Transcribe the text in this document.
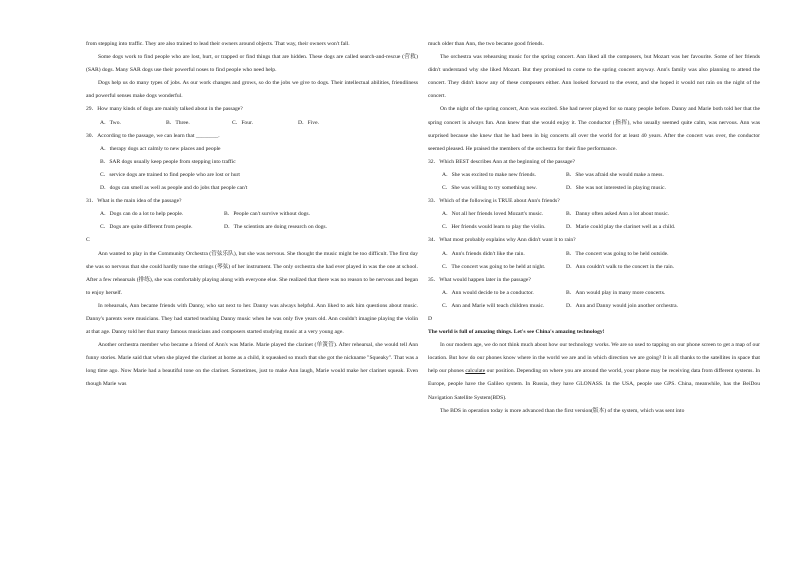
from stepping into traffic. They are also trained to lead their owners around objects. That way, their owners won't fall.

Some dogs work to find people who are lost, hurt, or trapped or find things that are hidden. These dogs are called search-and-rescue (营救) (SAR) dogs. Many SAR dogs use their powerful noses to find people who need help.

Dogs help us do many types of jobs. As our work changes and grows, so do the jobs we give to dogs. Their intellectual abilities, friendliness and powerful senses make dogs wonderful.

29．How many kinds of dogs are mainly talked about in the passage?

A．Two.	B．Three.	C．Four.	D．Five.

30．According to the passage, we can learn that ________.

A．therapy dogs act calmly to new places and people
B．SAR dogs usually keep people from stepping into traffic
C．service dogs are trained to find people who are lost or hurt
D．dogs can smell as well as people and do jobs that people can't

31．What is the main idea of the passage?

A．Dogs can do a lot to help people.	B．People can't survive without dogs.
C．Dogs are quite different from people.	D．The scientists are doing research on dogs.

C

Ann wanted to play in the Community Orchestra (管弦乐队), but she was nervous. She thought the music might be too difficult. The first day she was so nervous that she could hardly tune the strings (琴弦) of her instrument. The only orchestra she had ever played in was the one at school. After a few rehearsals (排练), she was comfortably playing along with everyone else. She realized that there was no reason to be nervous and began to enjoy herself.

In rehearsals, Ann became friends with Danny, who sat next to her. Danny was always helpful. Ann liked to ask him questions about music. Danny's parents were musicians. They had started teaching Danny music when he was only five years old. Ann couldn't imagine playing the violin at that age. Danny told her that many famous musicians and composers started studying music at a very young age.

Another orchestra member who became a friend of Ann's was Marie. Marie played the clarinet (单簧管). After rehearsal, she would tell Ann funny stories. Marie said that when she played the clarinet at home as a child, it squeaked so much that she got the nickname "Squeaky". That was a long time ago. Now Marie had a beautiful tone on the clarinet. Sometimes, just to make Ann laugh, Marie would make her clarinet squeak. Even though Marie was

much older than Ann, the two became good friends.

The orchestra was rehearsing music for the spring concert. Ann liked all the composers, but Mozart was her favourite. Some of her friends didn't understand why she liked Mozart. But they promised to come to the spring concert anyway. Ann's family was also planning to attend the concert. They didn't know any of these composers either. Ann looked forward to the event, and she hoped it would not rain on the night of the concert.

On the night of the spring concert, Ann was excited. She had never played for so many people before. Danny and Marie both told her that the spring concert is always fun. Ann knew that she would enjoy it. The conductor (指挥), who usually seemed quite calm, was nervous. Ann was surprised because she knew that he had been in big concerts all over the world for at least 40 years. After the concert was over, the conductor seemed pleased. He praised the members of the orchestra for their fine performance.

32．Which BEST describes Ann at the beginning of the passage?

A．She was excited to make new friends.	B．She was afraid she would make a mess.
C．She was willing to try something new.	D．She was not interested in playing music.

33．Which of the following is TRUE about Ann's friends?

A．Not all her friends loved Mozart's music.	B．Danny often asked Ann a lot about music.
C．Her friends would learn to play the violin.	D．Marie could play the clarinet well as a child.

34．What most probably explains why Ann didn't want it to rain?

A．Ann's friends didn't like the rain.	B．The concert was going to be held outside.
C．The concert was going to be held at night.	D．Ann couldn't walk to the concert in the rain.

35．What would happen later in the passage?

A．Ann would decide to be a conductor.	B．Ann would play in many more concerts.
C．Ann and Marie will teach children music.	D．Ann and Danny would join another orchestra.

D

The world is full of amazing things. Let's see China's amazing technology!

In our modern age, we do not think much about how our technology works. We are so used to tapping on our phone screen to get a map of our location. But how do our phones know where in the world we are and in which direction we are going? It is all thanks to the satellites in space that help our phones calculate our position. Depending on where you are around the world, your phone may be receiving data from different systems. In Europe, people have the Galileo system. In Russia, they have GLONASS. In the USA, people use GPS. China, meanwhile, has the BeiDou Navigation Satellite System(BDS).

The BDS in operation today is more advanced than the first version(版本) of the system, which was sent into
